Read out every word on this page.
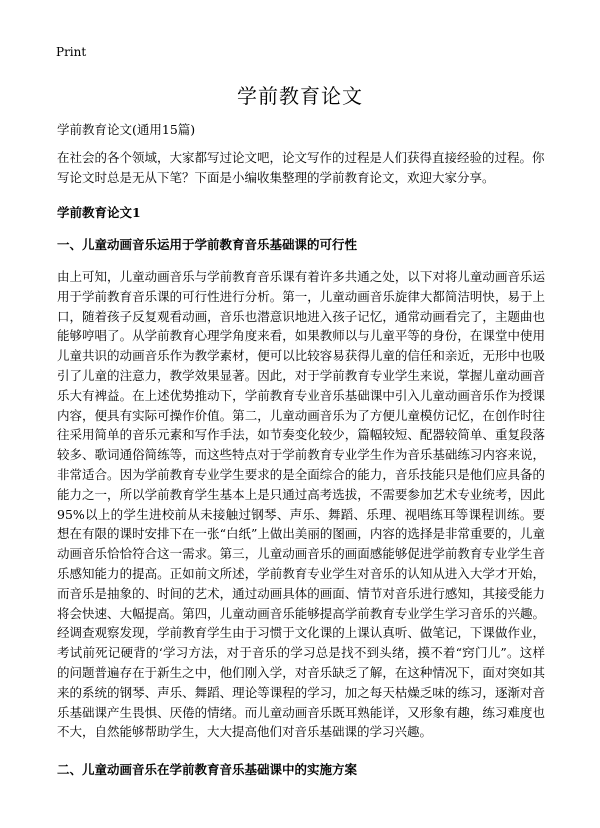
Print
学前教育论文

学前教育论文(通用15篇)

在社会的各个领域，大家都写过论文吧，论文写作的过程是人们获得直接经验的过程。你写论文时总是无从下笔？下面是小编收集整理的学前教育论文，欢迎大家分享。

学前教育论文1

一、儿童动画音乐运用于学前教育音乐基础课的可行性

由上可知，儿童动画音乐与学前教育音乐课有着许多共通之处，以下对将儿童动画音乐运用于学前教育音乐课的可行性进行分析。第一，儿童动画音乐旋律大都简洁明快，易于上口，随着孩子反复观看动画，音乐也潜意识地进入孩子记忆，通常动画看完了，主题曲也能够哼唱了。从学前教育心理学角度来看，如果教师以与儿童平等的身份，在课堂中使用儿童共识的动画音乐作为教学素材，便可以比较容易获得儿童的信任和亲近，无形中也吸引了儿童的注意力，教学效果显著。因此，对于学前教育专业学生来说，掌握儿童动画音乐大有裨益。在上述优势推动下，学前教育专业音乐基础课中引入儿童动画音乐作为授课内容，便具有实际可操作价值。第二，儿童动画音乐为了方便儿童模仿记忆，在创作时往往采用简单的音乐元素和写作手法，如节奏变化较少，篇幅较短、配器较简单、重复段落较多、歌词通俗简练等，而这些特点对于学前教育专业学生作为音乐基础练习内容来说，非常适合。因为学前教育专业学生要求的是全面综合的能力，音乐技能只是他们应具备的能力之一，所以学前教育学生基本上是只通过高考选拔，不需要参加艺术专业统考，因此95%以上的学生进校前从未接触过钢琴、声乐、舞蹈、乐理、视唱练耳等课程训练。要想在有限的课时安排下在一张“白纸”上做出美丽的图画，内容的选择是非常重要的，儿童动画音乐恰恰符合这一需求。第三，儿童动画音乐的画面感能够促进学前教育专业学生音乐感知能力的提高。正如前文所述，学前教育专业学生对音乐的认知从进入大学才开始，而音乐是抽象的、时间的艺术，通过动画具体的画面、情节对音乐进行感知，其接受能力将会快速、大幅提高。第四，儿童动画音乐能够提高学前教育专业学生学习音乐的兴趣。经调查观察发现，学前教育学生由于习惯于文化课的上课认真听、做笔记，下课做作业，考试前死记硬背的‘学习方法，对于音乐的学习总是找不到头绪，摸不着“窍门儿”。这样的问题普遍存在于新生之中，他们刚入学，对音乐缺乏了解，在这种情况下，面对突如其来的系统的钢琴、声乐、舞蹈、理论等课程的学习，加之每天枯燥乏味的练习，逐渐对音乐基础课产生畏惧、厌倦的情绪。而儿童动画音乐既耳熟能详，又形象有趣，练习难度也不大，自然能够帮助学生，大大提高他们对音乐基础课的学习兴趣。

二、儿童动画音乐在学前教育音乐基础课中的实施方案
